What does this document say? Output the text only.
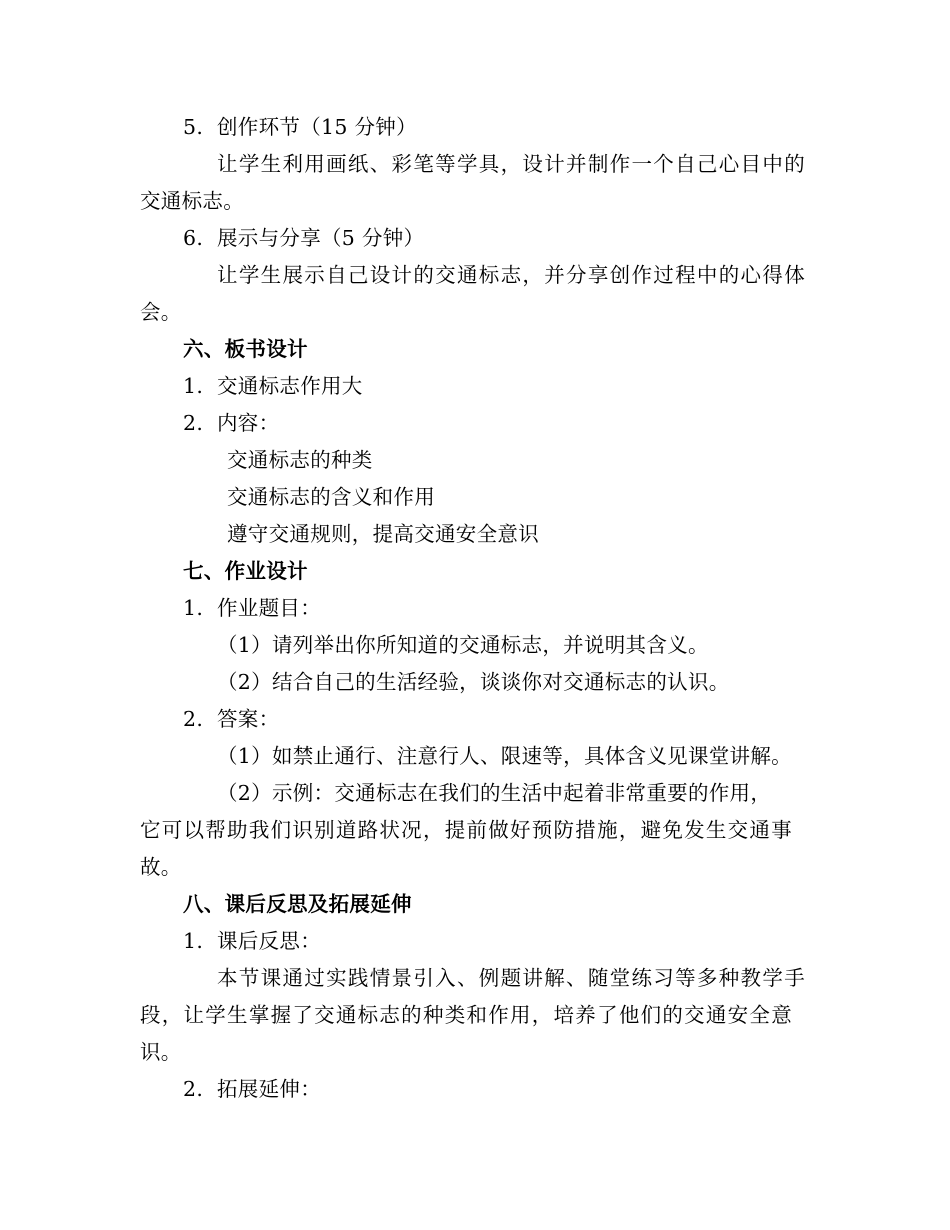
5. 创作环节（15 分钟）
让学生利用画纸、彩笔等学具，设计并制作一个自己心目中的
交通标志。
6. 展示与分享（5 分钟）
让学生展示自己设计的交通标志，并分享创作过程中的心得体
会。
六、板书设计
1. 交通标志作用大
2. 内容：
交通标志的种类
交通标志的含义和作用
遵守交通规则，提高交通安全意识
七、作业设计
1. 作业题目：
（1）请列举出你所知道的交通标志，并说明其含义。
（2）结合自己的生活经验，谈谈你对交通标志的认识。
2. 答案：
（1）如禁止通行、注意行人、限速等，具体含义见课堂讲解。
（2）示例：交通标志在我们的生活中起着非常重要的作用，
它可以帮助我们识别道路状况，提前做好预防措施，避免发生交通事
故。
八、课后反思及拓展延伸
1. 课后反思：
本节课通过实践情景引入、例题讲解、随堂练习等多种教学手
段，让学生掌握了交通标志的种类和作用，培养了他们的交通安全意
识。
2. 拓展延伸：
